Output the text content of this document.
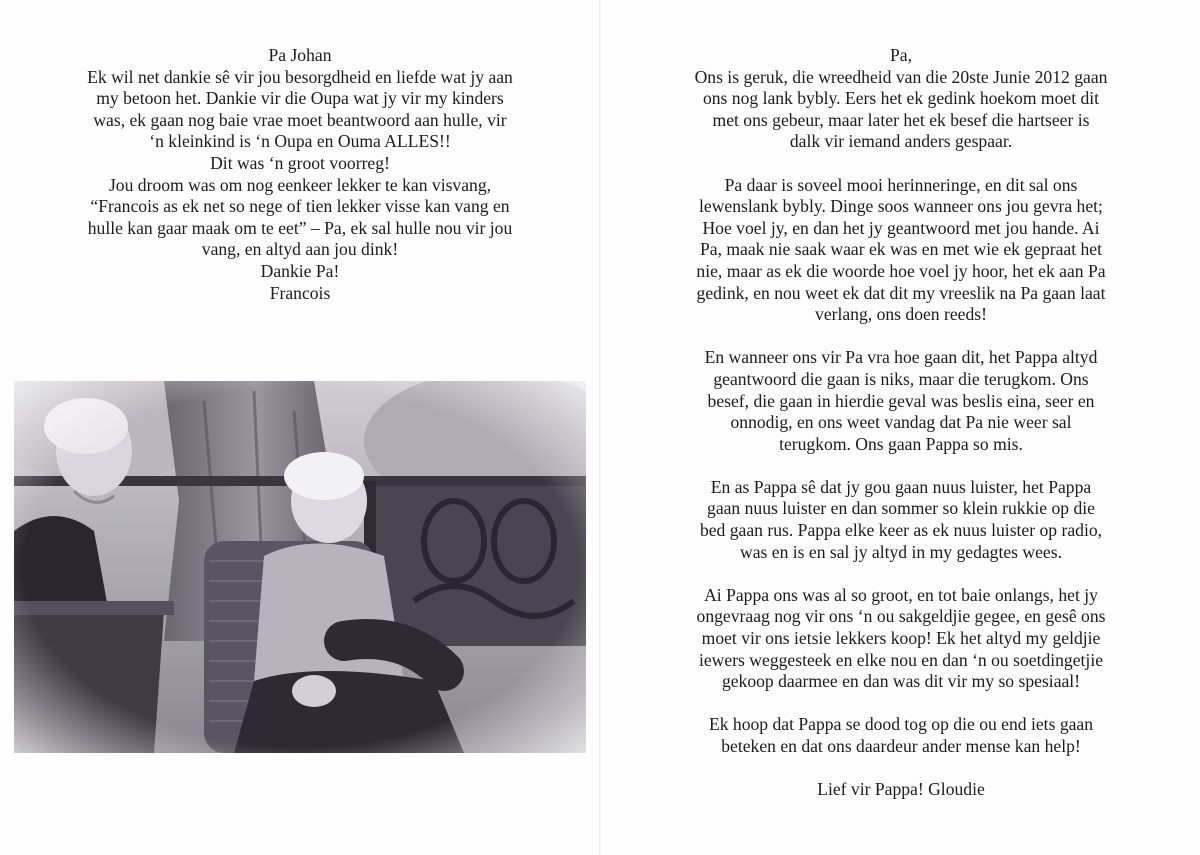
Pa Johan
Ek wil net dankie sê vir jou besorgdheid en liefde wat jy aan
my betoon het. Dankie vir die Oupa wat jy vir my kinders
was, ek gaan nog baie vrae moet beantwoord aan hulle, vir
‘n kleinkind is ‘n Oupa en Ouma ALLES!!
Dit was ‘n groot voorreg!
Jou droom was om nog eenkeer lekker te kan visvang,
“Francois as ek net so nege of tien lekker visse kan vang en
hulle kan gaar maak om te eet” – Pa, ek sal hulle nou vir jou
vang, en altyd aan jou dink!
Dankie Pa!
Francois
Pa,
Ons is geruk, die wreedheid van die 20ste Junie 2012 gaan
ons nog lank bybly. Eers het ek gedink hoekom moet dit
met ons gebeur, maar later het ek besef die hartseer is
dalk vir iemand anders gespaar.
Pa daar is soveel mooi herinneringe, en dit sal ons
lewenslank bybly. Dinge soos wanneer ons jou gevra het;
Hoe voel jy, en dan het jy geantwoord met jou hande. Ai
Pa, maak nie saak waar ek was en met wie ek gepraat het
nie, maar as ek die woorde hoe voel jy hoor, het ek aan Pa
gedink, en nou weet ek dat dit my vreeslik na Pa gaan laat
verlang, ons doen reeds!
En wanneer ons vir Pa vra hoe gaan dit, het Pappa altyd
geantwoord die gaan is niks, maar die terugkom. Ons
besef, die gaan in hierdie geval was beslis eina, seer en
onnodig, en ons weet vandag dat Pa nie weer sal
terugkom. Ons gaan Pappa so mis.
En as Pappa sê dat jy gou gaan nuus luister, het Pappa
gaan nuus luister en dan sommer so klein rukkie op die
bed gaan rus. Pappa elke keer as ek nuus luister op radio,
was en is en sal jy altyd in my gedagtes wees.
Ai Pappa ons was al so groot, en tot baie onlangs, het jy
ongevraag nog vir ons ‘n ou sakgeldjie gegee, en gesê ons
moet vir ons ietsie lekkers koop! Ek het altyd my geldjie
iewers weggesteek en elke nou en dan ‘n ou soetdingetjie
gekoop daarmee en dan was dit vir my so spesiaal!
Ek hoop dat Pappa se dood tog op die ou end iets gaan
beteken en dat ons daardeur ander mense kan help!
Lief vir Pappa! Gloudie
